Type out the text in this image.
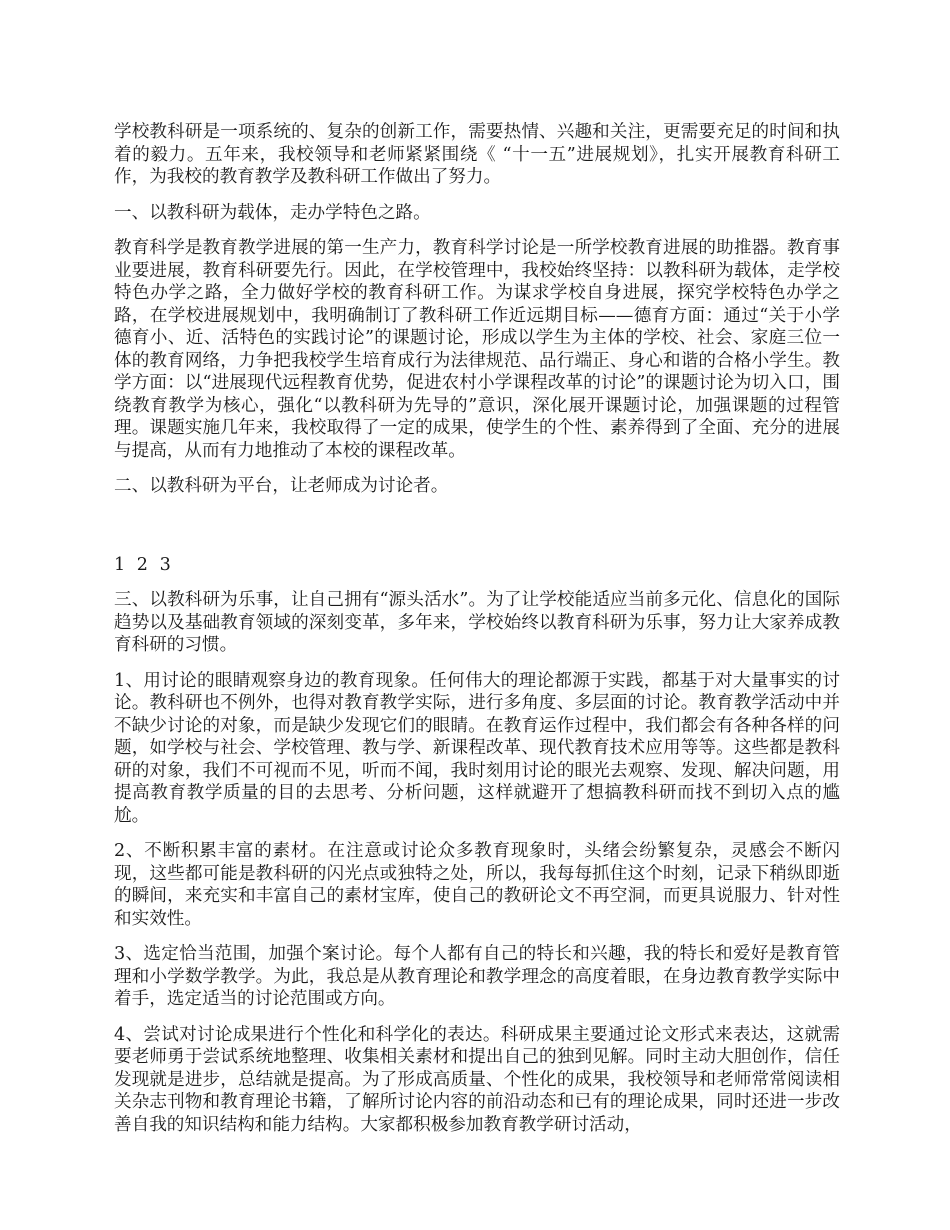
学校教科研是一项系统的、复杂的创新工作，需要热情、兴趣和关注，更需要充足的时间和执着的毅力。五年来，我校领导和老师紧紧围绕《 “十一五”进展规划》，扎实开展教育科研工作，为我校的教育教学及教科研工作做出了努力。

一、以教科研为载体，走办学特色之路。

教育科学是教育教学进展的第一生产力，教育科学讨论是一所学校教育进展的助推器。教育事业要进展，教育科研要先行。因此，在学校管理中，我校始终坚持：以教科研为载体，走学校特色办学之路，全力做好学校的教育科研工作。为谋求学校自身进展，探究学校特色办学之路，在学校进展规划中，我明确制订了教科研工作近远期目标——德育方面：通过“关于小学德育小、近、活特色的实践讨论”的课题讨论，形成以学生为主体的学校、社会、家庭三位一体的教育网络，力争把我校学生培育成行为法律规范、品行端正、身心和谐的合格小学生。教学方面：以“进展现代远程教育优势，促进农村小学课程改革的讨论”的课题讨论为切入口，围绕教育教学为核心，强化“以教科研为先导的”意识，深化展开课题讨论，加强课题的过程管理。课题实施几年来，我校取得了一定的成果，使学生的个性、素养得到了全面、充分的进展与提高，从而有力地推动了本校的课程改革。

二、以教科研为平台，让老师成为讨论者。

1 2 3

三、以教科研为乐事，让自己拥有“源头活水”。为了让学校能适应当前多元化、信息化的国际趋势以及基础教育领域的深刻变革，多年来，学校始终以教育科研为乐事，努力让大家养成教育科研的习惯。

1、用讨论的眼睛观察身边的教育现象。任何伟大的理论都源于实践，都基于对大量事实的讨论。教科研也不例外，也得对教育教学实际，进行多角度、多层面的讨论。教育教学活动中并不缺少讨论的对象，而是缺少发现它们的眼睛。在教育运作过程中，我们都会有各种各样的问题，如学校与社会、学校管理、教与学、新课程改革、现代教育技术应用等等。这些都是教科研的对象，我们不可视而不见，听而不闻，我时刻用讨论的眼光去观察、发现、解决问题，用提高教育教学质量的目的去思考、分析问题，这样就避开了想搞教科研而找不到切入点的尴尬。

2、不断积累丰富的素材。在注意或讨论众多教育现象时，头绪会纷繁复杂，灵感会不断闪现，这些都可能是教科研的闪光点或独特之处，所以，我每每抓住这个时刻，记录下稍纵即逝的瞬间，来充实和丰富自己的素材宝库，使自己的教研论文不再空洞，而更具说服力、针对性和实效性。

3、选定恰当范围，加强个案讨论。每个人都有自己的特长和兴趣，我的特长和爱好是教育管理和小学数学教学。为此，我总是从教育理论和教学理念的高度着眼，在身边教育教学实际中着手，选定适当的讨论范围或方向。

4、尝试对讨论成果进行个性化和科学化的表达。科研成果主要通过论文形式来表达，这就需要老师勇于尝试系统地整理、收集相关素材和提出自己的独到见解。同时主动大胆创作，信任发现就是进步，总结就是提高。为了形成高质量、个性化的成果，我校领导和老师常常阅读相关杂志刊物和教育理论书籍，了解所讨论内容的前沿动态和已有的理论成果，同时还进一步改善自我的知识结构和能力结构。大家都积极参加教育教学研讨活动，
